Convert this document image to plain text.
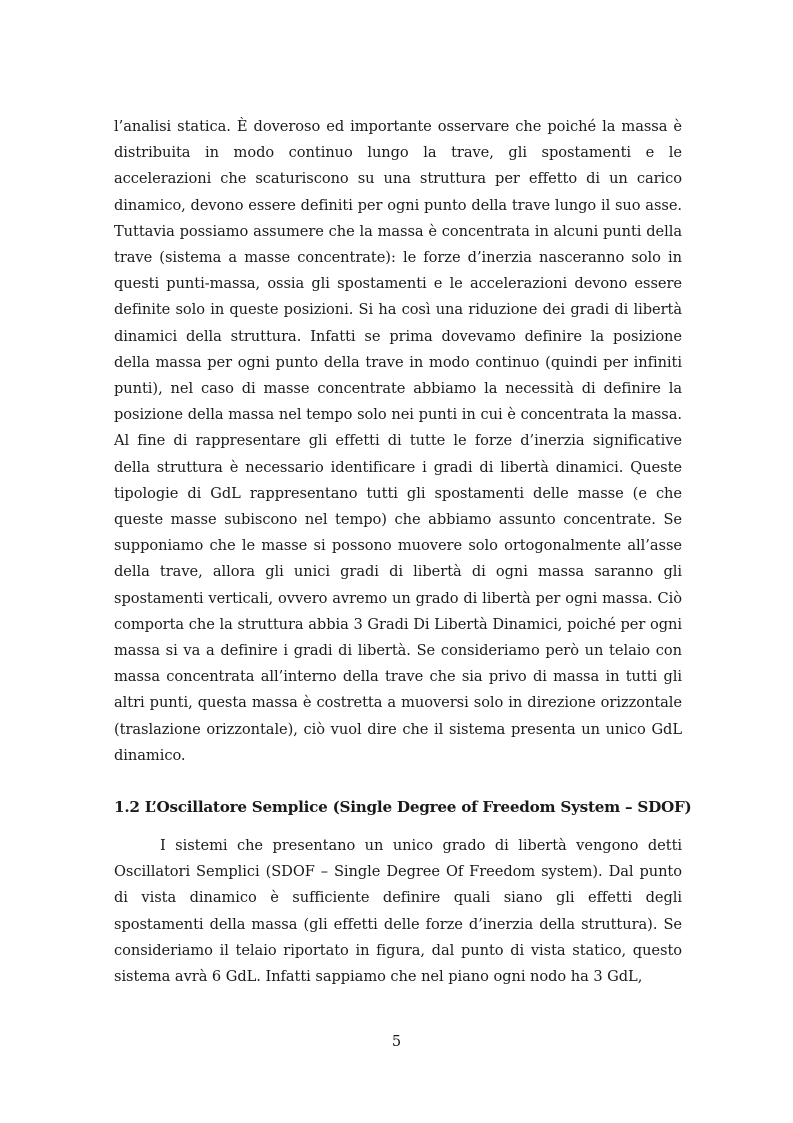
l’analisi statica. È doveroso ed importante osservare che poiché la massa è distribuita in modo continuo lungo la trave, gli spostamenti e le accelerazioni che scaturiscono su una struttura per effetto di un carico dinamico, devono essere definiti per ogni punto della trave lungo il suo asse. Tuttavia possiamo assumere che la massa è concentrata in alcuni punti della trave (sistema a masse concentrate): le forze d’inerzia nasceranno solo in questi punti-massa, ossia gli spostamenti e le accelerazioni devono essere definite solo in queste posizioni. Si ha così una riduzione dei gradi di libertà dinamici della struttura. Infatti se prima dovevamo definire la posizione della massa per ogni punto della trave in modo continuo (quindi per infiniti punti), nel caso di masse concentrate abbiamo la necessità di definire la posizione della massa nel tempo solo nei punti in cui è concentrata la massa. Al fine di rappresentare gli effetti di tutte le forze d’inerzia significative della struttura è necessario identificare i gradi di libertà dinamici. Queste tipologie di GdL rappresentano tutti gli spostamenti delle masse (e che queste masse subiscono nel tempo) che abbiamo assunto concentrate. Se supponiamo che le masse si possono muovere solo ortogonalmente all’asse della trave, allora gli unici gradi di libertà di ogni massa saranno gli spostamenti verticali, ovvero avremo un grado di libertà per ogni massa. Ciò comporta che la struttura abbia 3 Gradi Di Libertà Dinamici, poiché per ogni massa si va a definire i gradi di libertà. Se consideriamo però un telaio con massa concentrata all’interno della trave che sia privo di massa in tutti gli altri punti, questa massa è costretta a muoversi solo in direzione orizzontale (traslazione orizzontale), ciò vuol dire che il sistema presenta un unico GdL dinamico.

1.2 L’Oscillatore Semplice (Single Degree of Freedom System – SDOF)

I sistemi che presentano un unico grado di libertà vengono detti Oscillatori Semplici (SDOF – Single Degree Of Freedom system). Dal punto di vista dinamico è sufficiente definire quali siano gli effetti degli spostamenti della massa (gli effetti delle forze d’inerzia della struttura). Se consideriamo il telaio riportato in figura, dal punto di vista statico, questo sistema avrà 6 GdL. Infatti sappiamo che nel piano ogni nodo ha 3 GdL,

5
